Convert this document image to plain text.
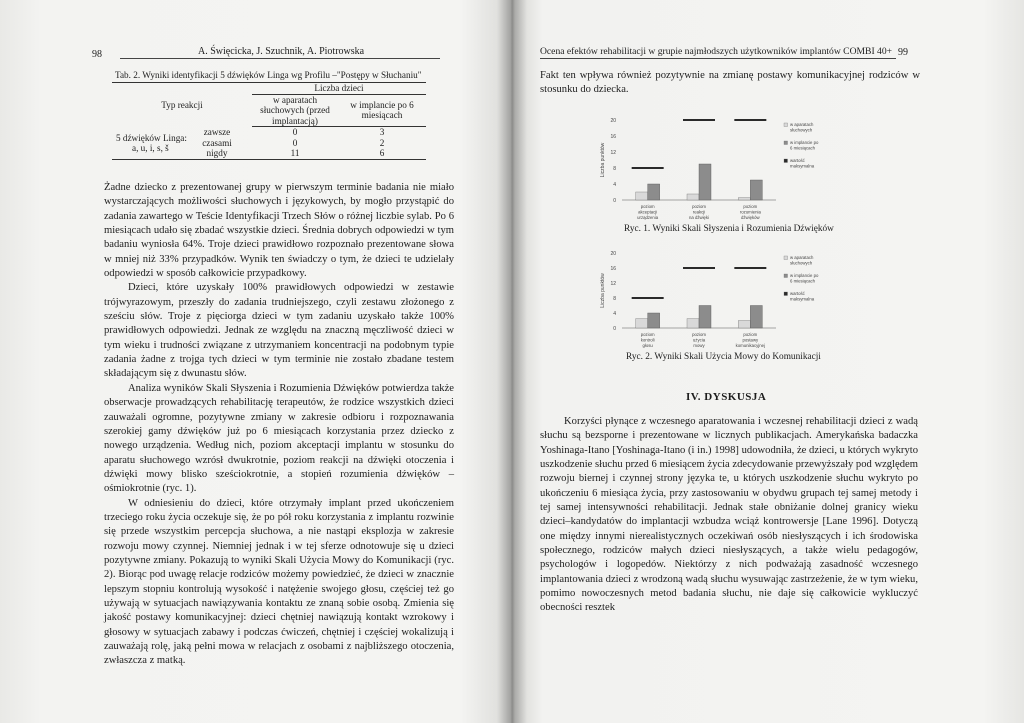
98	A. Święcicka, J. Szuchnik, A. Piotrowska
Tab. 2. Wyniki identyfikacji 5 dźwięków Linga wg Profilu –"Postępy w Słuchaniu"
Typ reakcji	Liczba dzieci	
	w aparatach słuchowych (przed implantacją)	w implancie po 6 miesiącach

5 dźwięków Linga:
a, u, i, s, š
zawsze	0	3
czasami	0	2
nigdy	11	6

Żadne dziecko z prezentowanej grupy w pierwszym terminie badania nie miało wystarczających możliwości słuchowych i językowych, by mogło przystąpić do zadania zawartego w Teście Identyfikacji Trzech Słów o różnej liczbie sylab. Po 6 miesiącach udało się zbadać wszystkie dzieci. Średnia dobrych odpowiedzi w tym badaniu wyniosła 64%. Troje dzieci prawidłowo rozpoznało prezentowane słowa w mniej niż 33% przypadków. Wynik ten świadczy o tym, że dzieci te udzielały odpowiedzi w sposób całkowicie przypadkowy.

Dzieci, które uzyskały 100% prawidłowych odpowiedzi w zestawie trójwyrazowym, przeszły do zadania trudniejszego, czyli zestawu złożonego z sześciu słów. Troje z pięciorga dzieci w tym zadaniu uzyskało także 100% prawidłowych odpowiedzi. Jednak ze względu na znaczną męczliwość dzieci w tym wieku i trudności związane z utrzymaniem koncentracji na podobnym typie zadania żadne z trojga tych dzieci w tym terminie nie zostało zbadane testem składającym się z dwunastu słów.

Analiza wyników Skali Słyszenia i Rozumienia Dźwięków potwierdza także obserwacje prowadzących rehabilitację terapeutów, że rodzice wszystkich dzieci zauważali ogromne, pozytywne zmiany w zakresie odbioru i rozpoznawania szerokiej gamy dźwięków już po 6 miesiącach korzystania przez dziecko z nowego urządzenia. Według nich, poziom akceptacji implantu w stosunku do aparatu słuchowego wzrósł dwukrotnie, poziom reakcji na dźwięki otoczenia i dźwięki mowy blisko sześciokrotnie, a stopień rozumienia dźwięków – ośmiokrotnie (ryc. 1).

W odniesieniu do dzieci, które otrzymały implant przed ukończeniem trzeciego roku życia oczekuje się, że po pół roku korzystania z implantu rozwinie się przede wszystkim percepcja słuchowa, a nie nastąpi eksplozja w zakresie rozwoju mowy czynnej. Niemniej jednak i w tej sferze odnotowuje się u dzieci pozytywne zmiany. Pokazują to wyniki Skali Użycia Mowy do Komunikacji (ryc. 2). Biorąc pod uwagę relacje rodziców możemy powiedzieć, że dzieci w znacznie lepszym stopniu kontrolują wysokość i natężenie swojego głosu, częściej też go używają w sytuacjach nawiązywania kontaktu ze znaną sobie osobą. Zmienia się jakość postawy komunikacyjnej: dzieci chętniej nawiązują kontakt wzrokowy i głosowy w sytuacjach zabawy i podczas ćwiczeń, chętniej i częściej wokalizują i zauważają rolę, jaką pełni mowa w relacjach z osobami z najbliższego otoczenia, zwłaszcza z matką.

Ocena efektów rehabilitacji w grupie najmłodszych użytkowników implantów COMBI 40+ 99
Fakt ten wpływa również pozytywnie na zmianę postawy komunikacyjnej rodziców w stosunku do dziecka.
Liczba punktów
0
4
8
12
16
20
poziom
akceptacji
urządzenia
poziom
reakcji
na dźwięki
poziom
rozumienia
dźwięków
w aparatach
słuchowych
w implancie po
6 miesiącach
wartość
maksymalna
Ryc. 1. Wyniki Skali Słyszenia i Rozumienia Dźwięków
Liczba punktów
0
4
8
12
16
20
poziom
kontroli
głosu
poziom
użycia
mowy
poziom
postawy
komunikacyjnej
w aparatach
słuchowych
w implancie po
6 miesiącach
wartość
maksymalna
Ryc. 2. Wyniki Skali Użycia Mowy do Komunikacji
IV. DYSKUSJA
Korzyści płynące z wczesnego aparatowania i wczesnej rehabilitacji dzieci z wadą słuchu są bezsporne i prezentowane w licznych publikacjach. Amerykańska badaczka Yoshinaga-Itano [Yoshinaga-Itano (i in.) 1998] udowodniła, że dzieci, u których wykryto uszkodzenie słuchu przed 6 miesiącem życia zdecydowanie przewyższały pod względem rozwoju biernej i czynnej strony języka te, u których uszkodzenie słuchu wykryto po ukończeniu 6 miesiąca życia, przy zastosowaniu w obydwu grupach tej samej metody i tej samej intensywności rehabilitacji. Jednak stałe obniżanie dolnej granicy wieku dzieci–kandydatów do implantacji wzbudza wciąż kontrowersje [Lane 1996]. Dotyczą one między innymi nierealistycznych oczekiwań osób niesłyszących i ich środowiska społecznego, rodziców małych dzieci niesłyszących, a także wielu pedagogów, psychologów i logopedów. Niektórzy z nich podważają zasadność wczesnego implantowania dzieci z wrodzoną wadą słuchu wysuwając zastrzeżenie, że w tym wieku, pomimo nowoczesnych metod badania słuchu, nie daje się całkowicie wykluczyć obecności resztek
